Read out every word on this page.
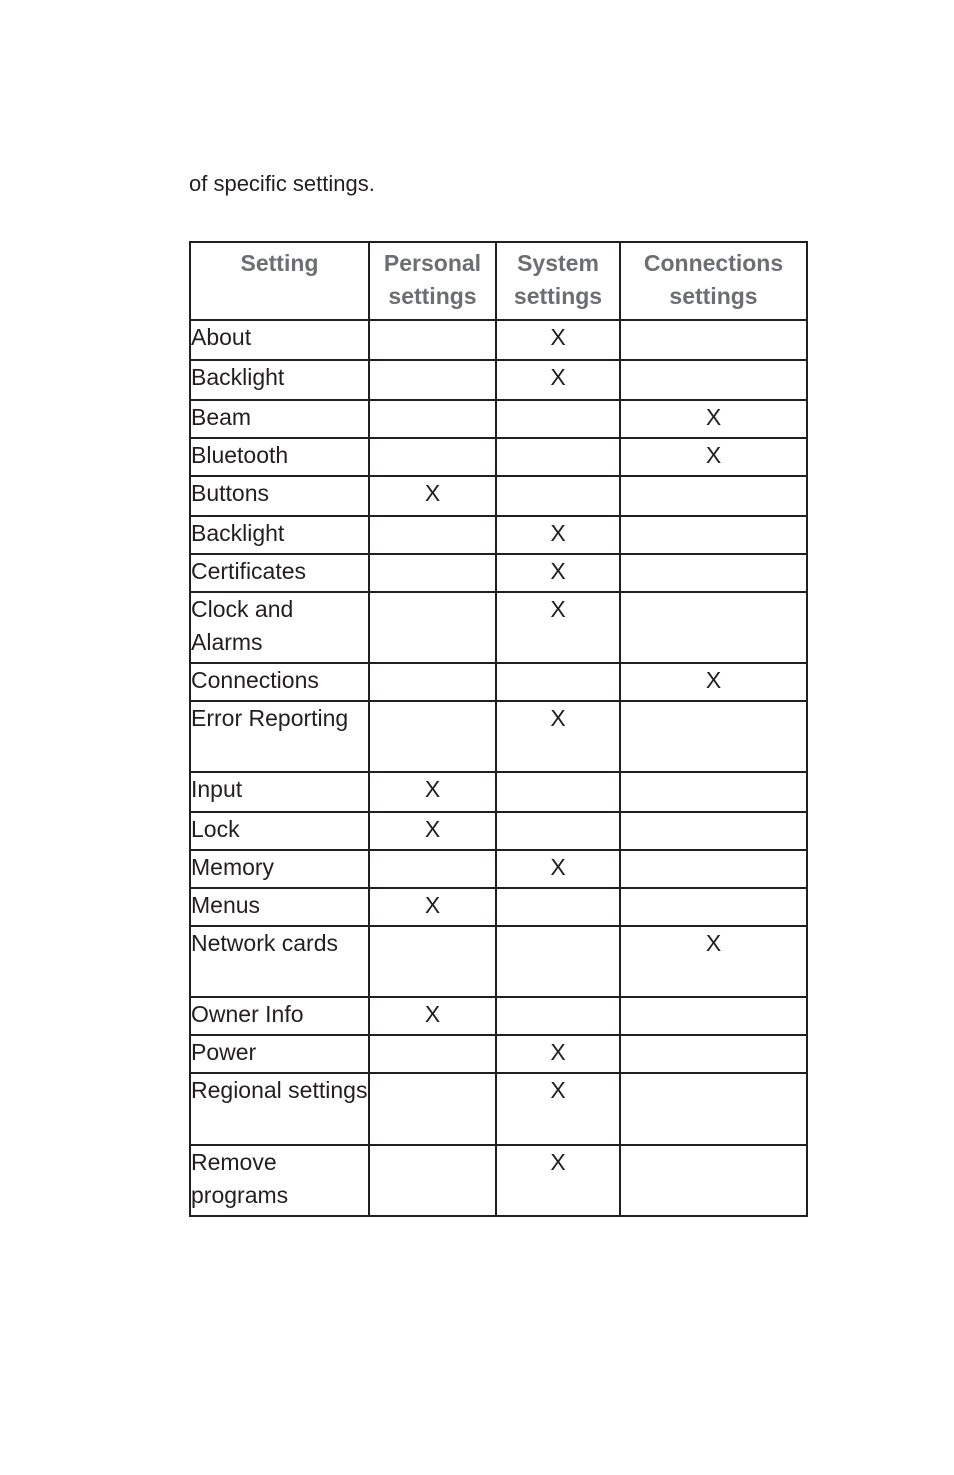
of specific settings.

Setting	Personal settings	System settings	Connections settings
About		X	
Backlight		X	
Beam			X
Bluetooth			X
Buttons	X		
Backlight		X	
Certificates		X	
Clock and Alarms		X	
Connections			X
Error Reporting		X	
Input	X		
Lock	X		
Memory		X	
Menus	X		
Network cards			X
Owner Info	X		
Power		X	
Regional settings		X	
Remove programs		X	
